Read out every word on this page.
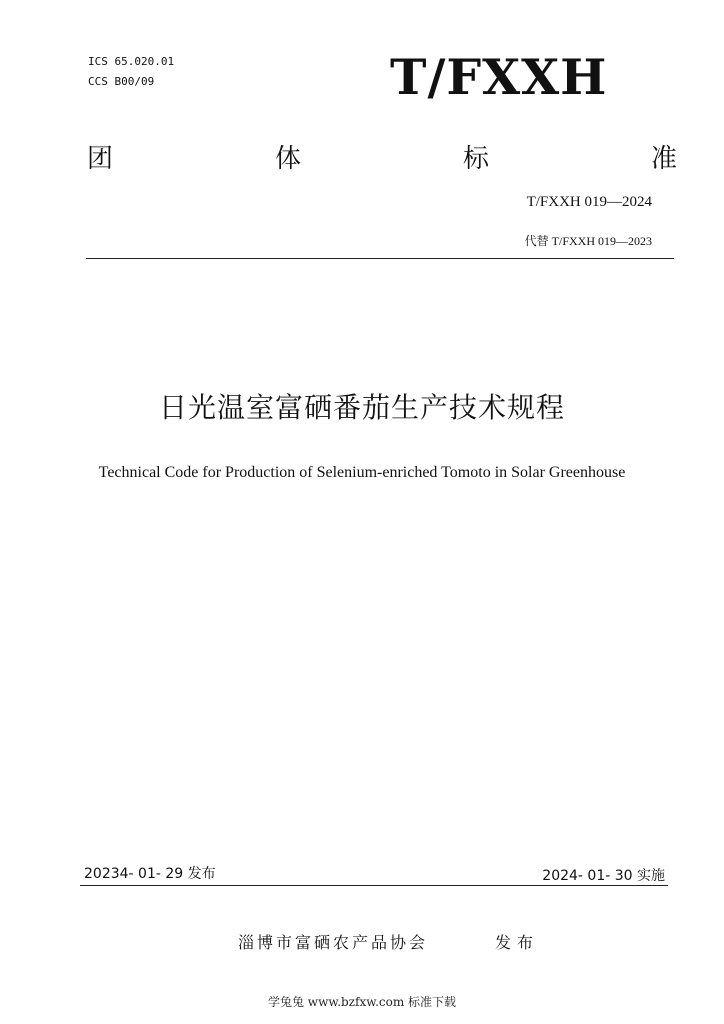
ICS 65.020.01
CCS B00/09	T/FXXH
团	体	标	准
T/FXXH 019—2024
代替 T/FXXH 019—2023
日光温室富硒番茄生产技术规程
Technical Code for Production of Selenium-enriched Tomoto in Solar Greenhouse
20234- 01- 29 发布	2024- 01- 30 实施
淄博市富硒农产品协会	发布
学兔兔 www.bzfxw.com 标准下载
